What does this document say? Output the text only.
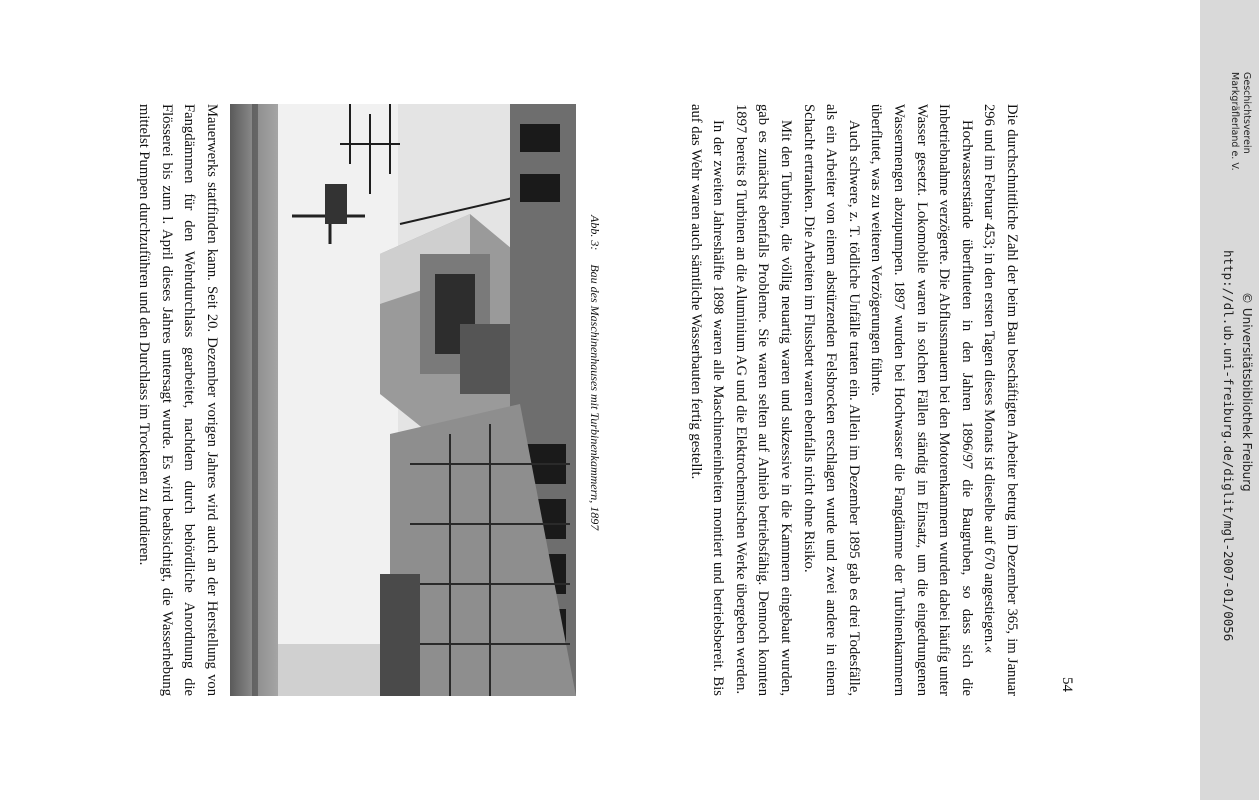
Mauerwerks stattfinden kann. Seit 20. Dezember vorigen Jahres wird auch an der Herstellung von Fangdämmen für den Wehrdurchlass gearbeitet, nachdem durch behördliche Anordnung die Flösserei bis zum l. April dieses Jahres untersagt wurde. Es wird beabsichtigt, die Wasserhebung mittelst Pumpen durchzuführen und den Durchlass im Trockenen zu fundieren.	Abb. 3:Bau des Maschinenhauses mit Turbinenkammern, 1897	Die durchschnittliche Zahl der beim Bau beschäftigten Arbeiter betrug im Dezember 365, im Januar 296 und im Februar 453; in den ersten Tagen dieses Monats ist dieselbe auf 670 angestiegen.«

Hochwasserstände überfluteten in den Jahren 1896/97 die Baugruben, so dass sich die Inbetriebnahme verzögerte. Die Abflussmauern bei den Motorenkammern wurden dabei häufig unter Wasser gesetzt. Lokomobile waren in solchen Fällen ständig im Einsatz, um die eingedrungenen Wassermengen abzupumpen. 1897 wurden bei Hochwasser die Fangdämme der Turbinenkammern überflutet, was zu weiteren Verzögerungen führte.

Auch schwere, z. T. tödliche Unfälle traten ein. Allein im Dezember 1895 gab es drei Todesfälle, als ein Arbeiter von einem abstürzenden Felsbrocken erschlagen wurde und zwei andere in einem Schacht ertranken. Die Arbeiten im Flussbett waren ebenfalls nicht ohne Risiko.

Mit den Turbinen, die völlig neuartig waren und sukzessive in die Kammern eingebaut wurden, gab es zunächst ebenfalls Probleme. Sie waren selten auf Anhieb betriebsfähig. Dennoch konnten 1897 bereits 8 Turbinen an die Aluminium AG und die Elektrochemischen Werke übergeben werden.

In der zweiten Jahreshälfte 1898 waren alle Maschineneinheiten montiert und betriebsbereit. Bis auf das Wehr waren auch sämtliche Wasserbauten fertig gestellt.

54
http://dl.ub.uni-freiburg.de/diglit/mgl-2007-01/0056 © Universitätsbibliothek Freiburg
Geschichtsverein
Markgräflerland e. V.
